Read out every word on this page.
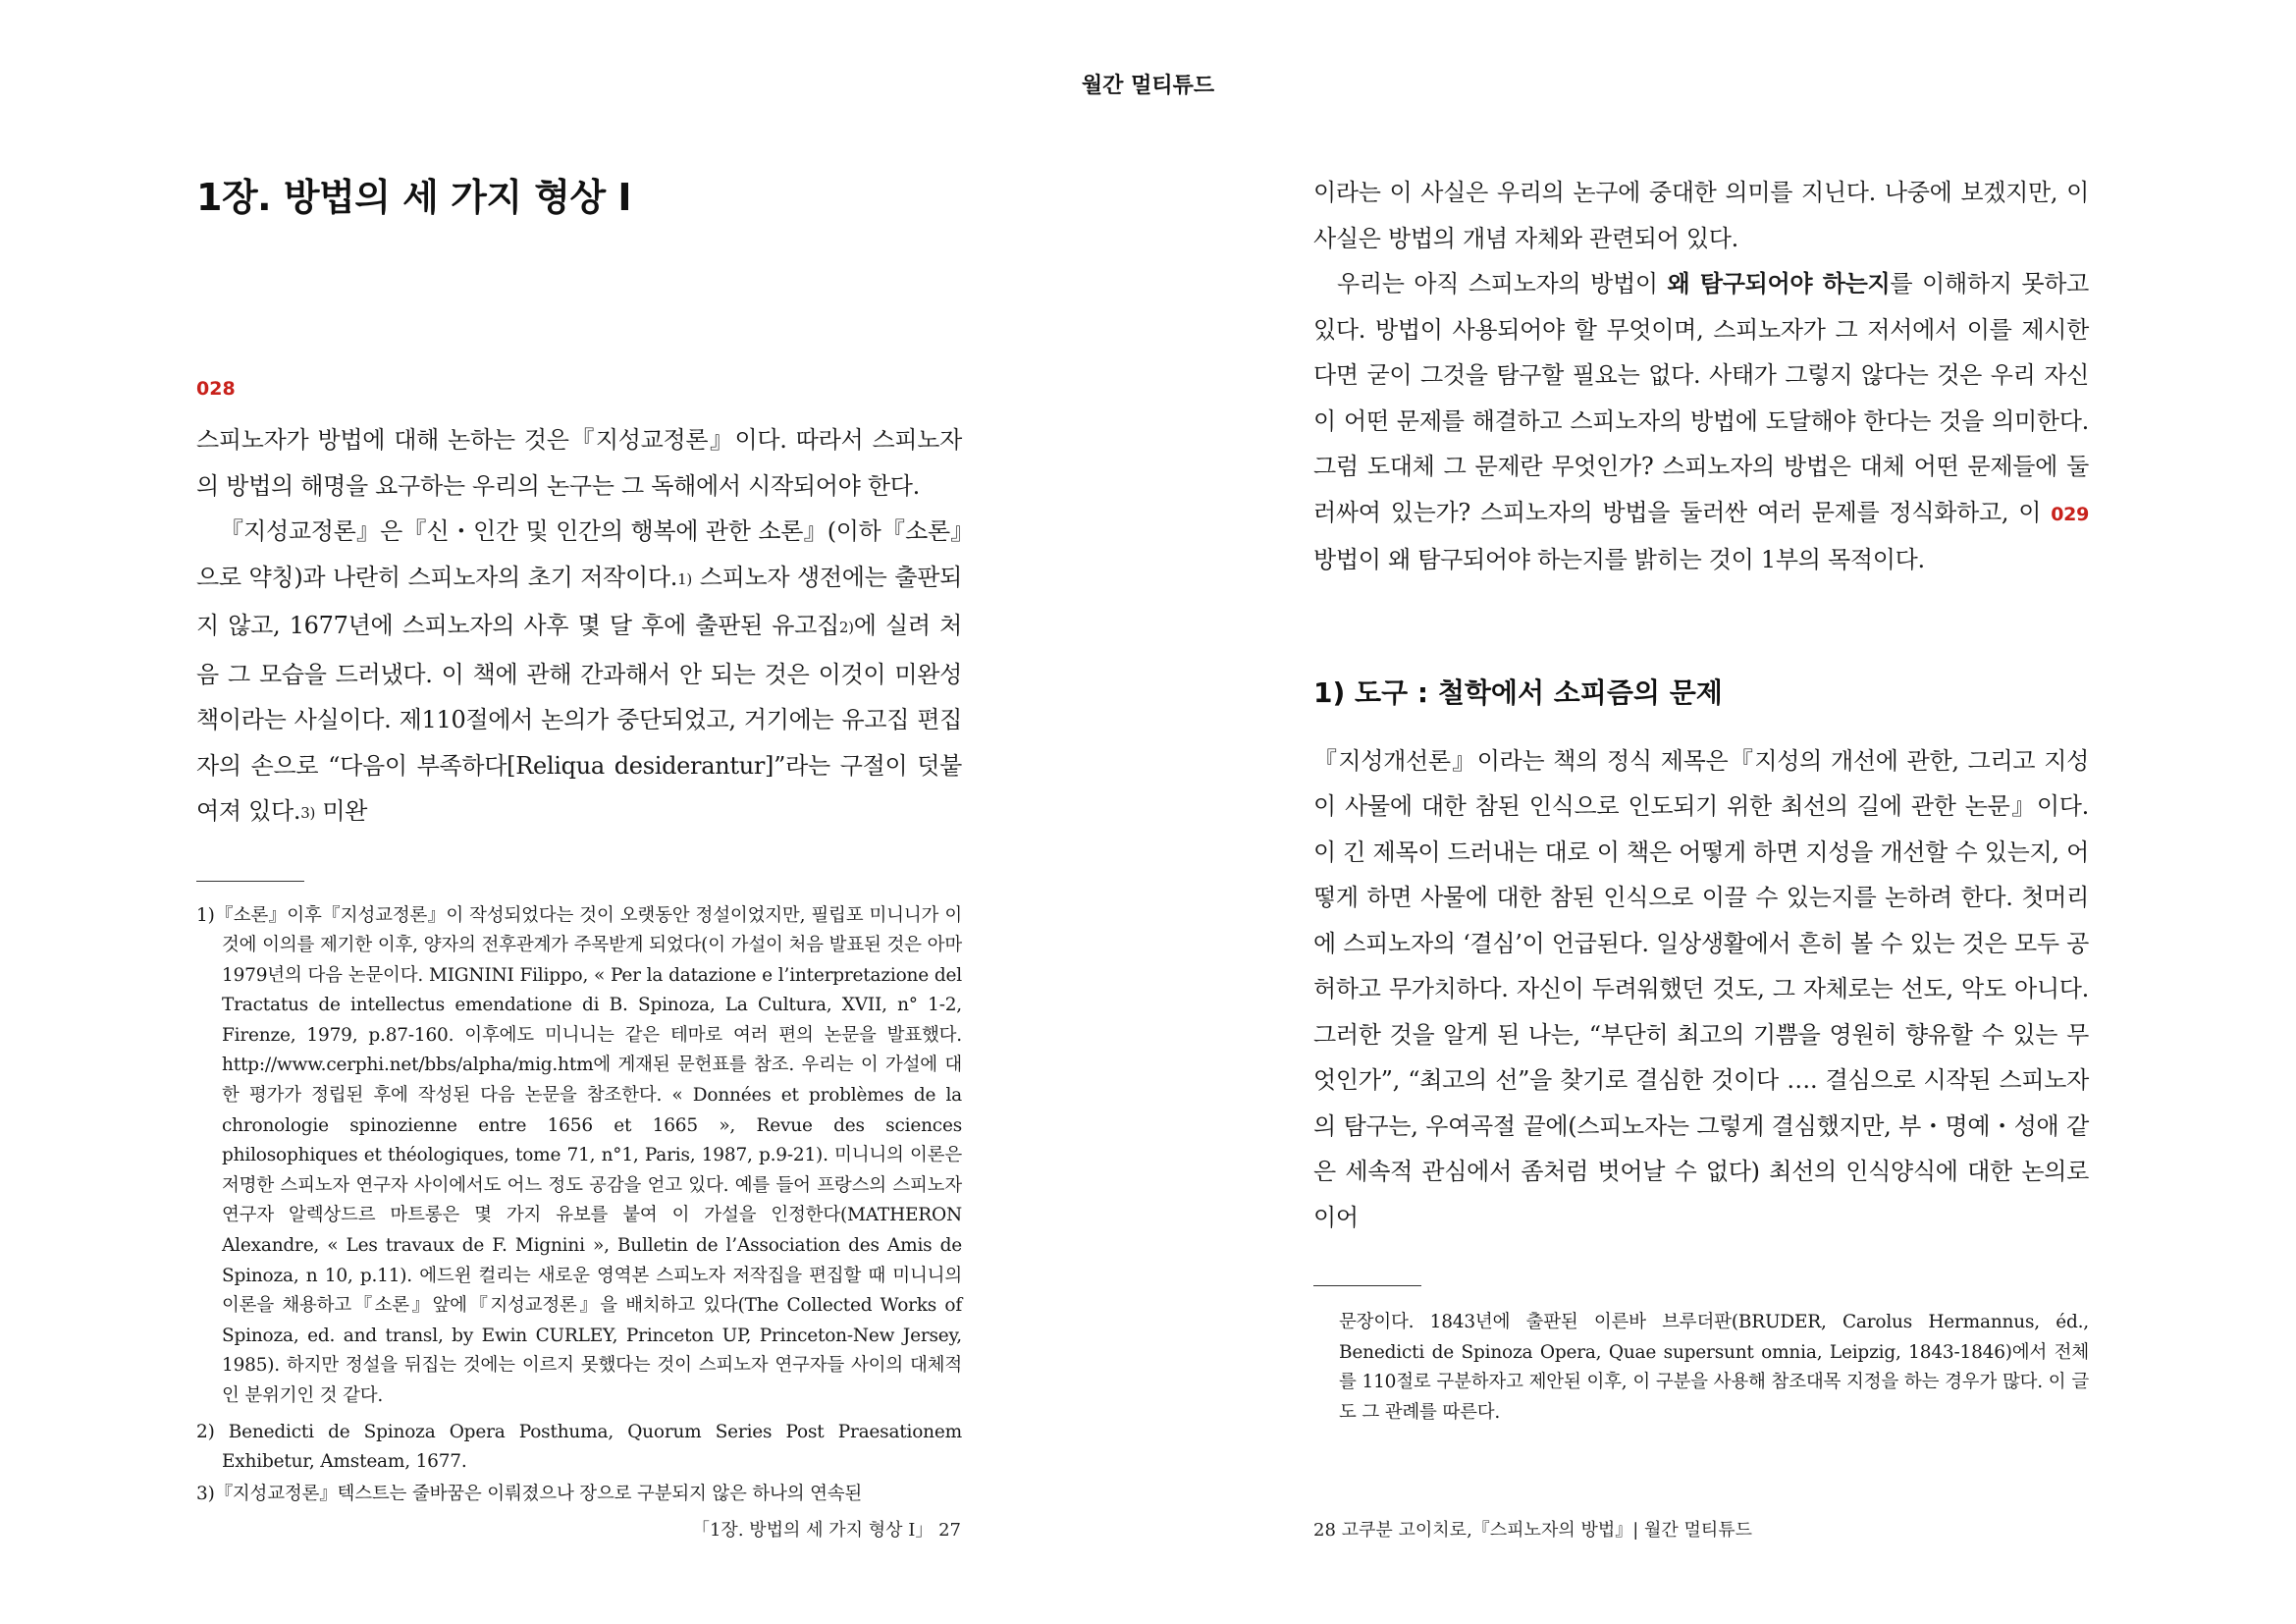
월간 멀티튜드
1장. 방법의 세 가지 형상 I
028

스피노자가 방법에 대해 논하는 것은『지성교정론』이다. 따라서 스피노자의 방법의 해명을 요구하는 우리의 논구는 그 독해에서 시작되어야 한다.

『지성교정론』은『신・인간 및 인간의 행복에 관한 소론』(이하『소론』으로 약칭)과 나란히 스피노자의 초기 저작이다.1) 스피노자 생전에는 출판되지 않고, 1677년에 스피노자의 사후 몇 달 후에 출판된 유고집2)에 실려 처음 그 모습을 드러냈다. 이 책에 관해 간과해서 안 되는 것은 이것이 미완성 책이라는 사실이다. 제110절에서 논의가 중단되었고, 거기에는 유고집 편집자의 손으로 “다음이 부족하다[Reliqua desiderantur]”라는 구절이 덧붙여져 있다.3) 미완

1)『소론』이후『지성교정론』이 작성되었다는 것이 오랫동안 정설이었지만, 필립포 미니니가 이것에 이의를 제기한 이후, 양자의 전후관계가 주목받게 되었다(이 가설이 처음 발표된 것은 아마 1979년의 다음 논문이다. MIGNINI Filippo, « Per la datazione e l’interpretazione del Tractatus de intellectus emendatione di B. Spinoza, La Cultura, XVII, n° 1-2, Firenze, 1979, p.87-160. 이후에도 미니니는 같은 테마로 여러 편의 논문을 발표했다. http://www.cerphi.net/bbs/alpha/mig.htm에 게재된 문헌표를 참조. 우리는 이 가설에 대한 평가가 정립된 후에 작성된 다음 논문을 참조한다. « Données et problèmes de la chronologie spinozienne entre 1656 et 1665 », Revue des sciences philosophiques et théologiques, tome 71, n°1, Paris, 1987, p.9-21). 미니니의 이론은 저명한 스피노자 연구자 사이에서도 어느 정도 공감을 얻고 있다. 예를 들어 프랑스의 스피노자 연구자 알렉상드르 마트롱은 몇 가지 유보를 붙여 이 가설을 인정한다(MATHERON Alexandre, « Les travaux de F. Mignini », Bulletin de l’Association des Amis de Spinoza, n 10, p.11). 에드윈 컬리는 새로운 영역본 스피노자 저작집을 편집할 때 미니니의 이론을 채용하고『소론』앞에『지성교정론』을 배치하고 있다(The Collected Works of Spinoza, ed. and transl, by Ewin CURLEY, Princeton UP, Princeton-New Jersey, 1985). 하지만 정설을 뒤집는 것에는 이르지 못했다는 것이 스피노자 연구자들 사이의 대체적인 분위기인 것 같다.

2) Benedicti de Spinoza Opera Posthuma, Quorum Series Post Praesationem Exhibetur, Amsteam, 1677.

3)『지성교정론』텍스트는 줄바꿈은 이뤄졌으나 장으로 구분되지 않은 하나의 연속된

「1장. 방법의 세 가지 형상 I」 27

이라는 이 사실은 우리의 논구에 중대한 의미를 지닌다. 나중에 보겠지만, 이 사실은 방법의 개념 자체와 관련되어 있다.

우리는 아직 스피노자의 방법이 왜 탐구되어야 하는지를 이해하지 못하고 있다. 방법이 사용되어야 할 무엇이며, 스피노자가 그 저서에서 이를 제시한다면 굳이 그것을 탐구할 필요는 없다. 사태가 그렇지 않다는 것은 우리 자신이 어떤 문제를 해결하고 스피노자의 방법에 도달해야 한다는 것을 의미한다. 그럼 도대체 그 문제란 무엇인가? 스피노자의 방법은 대체 어떤 문제들에 둘러싸여 있는가? 스피노자의 방법을 둘러싼 여러 문제를 정식화하고, 이 029 방법이 왜 탐구되어야 하는지를 밝히는 것이 1부의 목적이다.

1) 도구 : 철학에서 소피즘의 문제

『지성개선론』이라는 책의 정식 제목은『지성의 개선에 관한, 그리고 지성이 사물에 대한 참된 인식으로 인도되기 위한 최선의 길에 관한 논문』이다.이 긴 제목이 드러내는 대로 이 책은 어떻게 하면 지성을 개선할 수 있는지, 어떻게 하면 사물에 대한 참된 인식으로 이끌 수 있는지를 논하려 한다. 첫머리에 스피노자의 ‘결심’이 언급된다. 일상생활에서 흔히 볼 수 있는 것은 모두 공허하고 무가치하다. 자신이 두려워했던 것도, 그 자체로는 선도, 악도 아니다. 그러한 것을 알게 된 나는, “부단히 최고의 기쁨을 영원히 향유할 수 있는 무엇인가”, “최고의 선”을 찾기로 결심한 것이다 …. 결심으로 시작된 스피노자의 탐구는, 우여곡절 끝에(스피노자는 그렇게 결심했지만, 부・명예・성애 같은 세속적 관심에서 좀처럼 벗어날 수 없다) 최선의 인식양식에 대한 논의로 이어

문장이다. 1843년에 출판된 이른바 브루더판(BRUDER, Carolus Hermannus, éd., Benedicti de Spinoza Opera, Quae supersunt omnia, Leipzig, 1843-1846)에서 전체를 110절로 구분하자고 제안된 이후, 이 구분을 사용해 참조대목 지정을 하는 경우가 많다. 이 글도 그 관례를 따른다.

28 고쿠분 고이치로,『스피노자의 방법』| 월간 멀티튜드
